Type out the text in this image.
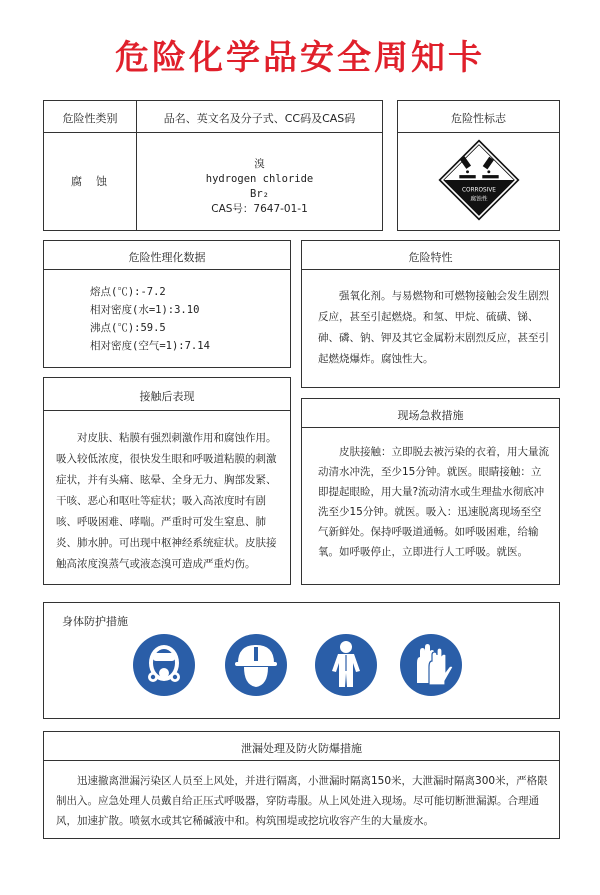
危险化学品安全周知卡
危险性类别	品名、英文名及分子式、CC码及CAS码
腐蚀
溴
hydrogen chloride
Br₂
CAS号：7647-01-1
危险性标志
CORROSIVE
腐蚀性
危险性理化数据
熔点(℃):-7.2
相对密度(水=1):3.10
沸点(℃):59.5
相对密度(空气=1):7.14
危险特性
强氧化剂。与易燃物和可燃物接触会发生剧烈反应，甚至引起燃烧。和氢、甲烷、硫磺、锑、砷、磷、钠、钾及其它金属粉末剧烈反应，甚至引起燃烧爆炸。腐蚀性大。
接触后表现
对皮肤、粘膜有强烈刺激作用和腐蚀作用。吸入较低浓度，很快发生眼和呼吸道粘膜的刺激症状，并有头痛、眩晕、全身无力、胸部发紧、干咳、恶心和呕吐等症状；吸入高浓度时有剧咳、呼吸困难、哮喘。严重时可发生窒息、肺炎、肺水肿。可出现中枢神经系统症状。皮肤接触高浓度溴蒸气或液态溴可造成严重灼伤。
现场急救措施
皮肤接触：立即脱去被污染的衣着，用大量流动清水冲洗，至少15分钟。就医。眼睛接触：立即提起眼睑，用大量?流动清水或生理盐水彻底冲洗至少15分钟。就医。吸入：迅速脱离现场至空气新鲜处。保持呼吸道通畅。如呼吸困难，给输氧。如呼吸停止，立即进行人工呼吸。就医。
身体防护措施
泄漏处理及防火防爆措施
迅速撤离泄漏污染区人员至上风处，并进行隔离，小泄漏时隔离150米，大泄漏时隔离300米，严格限制出入。应急处理人员戴自给正压式呼吸器，穿防毒服。从上风处进入现场。尽可能切断泄漏源。合理通风，加速扩散。喷氨水或其它稀碱液中和。构筑围堤或挖坑收容产生的大量废水。
